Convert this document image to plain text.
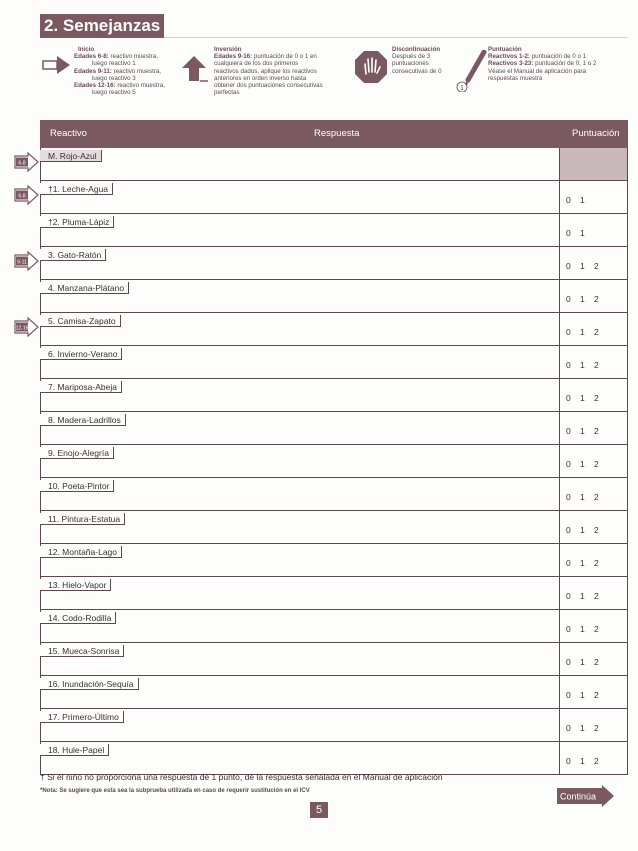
2. Semejanzas
Inicio
Edades 6-8: reactivo muestra,
luego reactivo 1
Edades 9-11: reactivo muestra,
luego reactivo 3
Edades 12-16: reactivo muestra,
luego reactivo 5
Inversión
Edades 9-16: puntuación de 0 o 1 en
cualquiera de los dos primeros
reactivos dados, aplique los reactivos
anteriores en orden inverso hasta
obtener dos puntuaciones consecutivas
perfectas
Discontinuación
Después de 3
puntuaciones
consecutivas de 0
1
Puntuación
Reactivos 1-2: puntuación de 0 o 1
Reactivos 3-23: puntuación de 0, 1 o 2
Véase el Manual de aplicación para
respuestas muestra
Reactivo	Respuesta	Puntuación
M. Rojo-Azul
†1. Leche-Agua
0 1
†2. Pluma-Lápiz
0 1
3. Gato-Ratón
0 1 2
4. Manzana-Plátano
0 1 2
5. Camisa-Zapato
0 1 2
6. Invierno-Verano
0 1 2
7. Mariposa-Abeja
0 1 2
8. Madera-Ladrillos
0 1 2
9. Enojo-Alegría
0 1 2
10. Poeta-Pintor
0 1 2
11. Pintura-Estatua
0 1 2
12. Montaña-Lago
0 1 2
13. Hielo-Vapor
0 1 2
14. Codo-Rodilla
0 1 2
15. Mueca-Sonrisa
0 1 2
16. Inundación-Sequía
0 1 2
17. Primero-Último
0 1 2
18. Hule-Papel
0 1 2
6-8
6-8
9-11
12-16
† Si el niño no proporciona una respuesta de 1 punto, dé la respuesta señalada en el Manual de aplicación
*Nota: Se sugiere que esta sea la subprueba utilizada en caso de requerir sustitución en el ICV
5
Continúa
